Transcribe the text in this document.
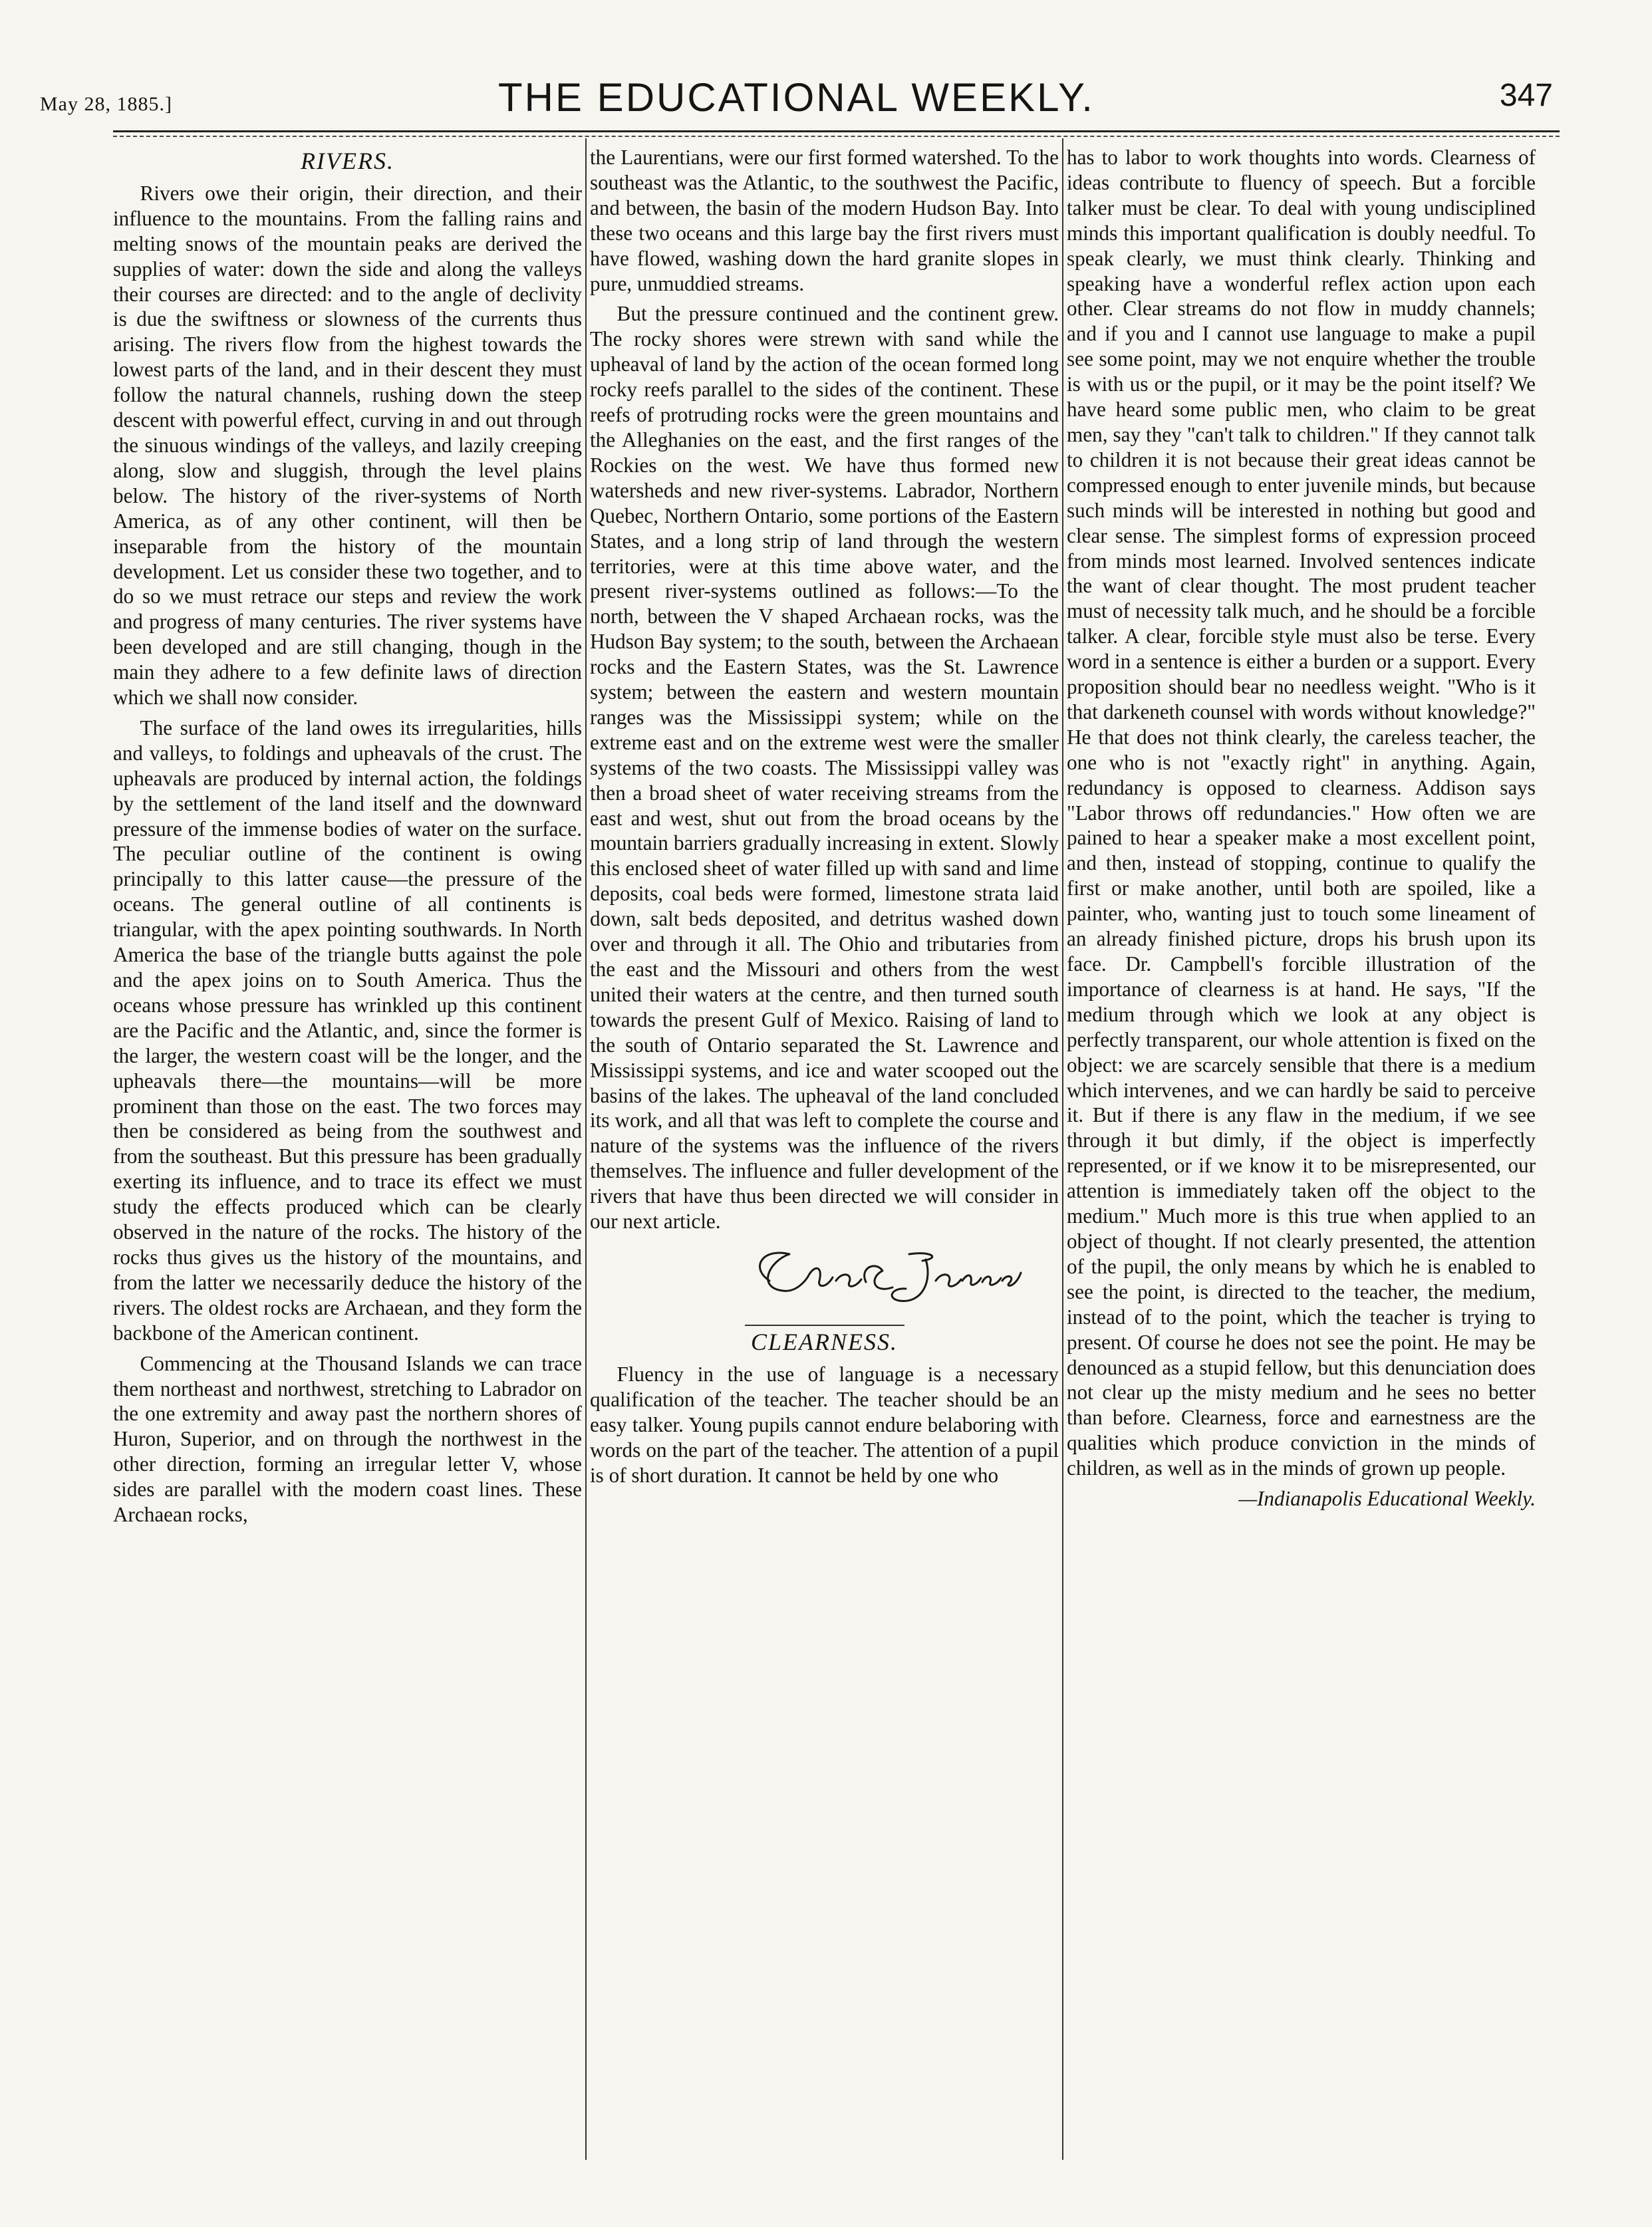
May 28, 1885.]	THE EDUCATIONAL WEEKLY.	347
RIVERS.

Rivers owe their origin, their direction, and their influence to the mountains. From the falling rains and melting snows of the mountain peaks are derived the supplies of water: down the side and along the valleys their courses are directed: and to the angle of declivity is due the swiftness or slowness of the currents thus arising. The rivers flow from the highest towards the lowest parts of the land, and in their descent they must follow the natural channels, rushing down the steep descent with powerful effect, curving in and out through the sinuous windings of the valleys, and lazily creeping along, slow and sluggish, through the level plains below. The history of the river-systems of North America, as of any other continent, will then be inseparable from the history of the mountain development. Let us consider these two together, and to do so we must retrace our steps and review the work and progress of many centuries. The river systems have been developed and are still changing, though in the main they adhere to a few definite laws of direction which we shall now consider.

The surface of the land owes its irregularities, hills and valleys, to foldings and upheavals of the crust. The upheavals are produced by internal action, the foldings by the settlement of the land itself and the downward pressure of the immense bodies of water on the surface. The peculiar outline of the continent is owing principally to this latter cause—the pressure of the oceans. The general outline of all continents is triangular, with the apex pointing southwards. In North America the base of the triangle butts against the pole and the apex joins on to South America. Thus the oceans whose pressure has wrinkled up this continent are the Pacific and the Atlantic, and, since the former is the larger, the western coast will be the longer, and the upheavals there—the mountains—will be more prominent than those on the east. The two forces may then be considered as being from the southwest and from the southeast. But this pressure has been gradually exerting its influence, and to trace its effect we must study the effects produced which can be clearly observed in the nature of the rocks. The history of the rocks thus gives us the history of the mountains, and from the latter we necessarily deduce the history of the rivers. The oldest rocks are Archaean, and they form the backbone of the American continent.

Commencing at the Thousand Islands we can trace them northeast and northwest, stretching to Labrador on the one extremity and away past the northern shores of Huron, Superior, and on through the northwest in the other direction, forming an irregular letter V, whose sides are parallel with the modern coast lines. These Archaean rocks,

the Laurentians, were our first formed watershed. To the southeast was the Atlantic, to the southwest the Pacific, and between, the basin of the modern Hudson Bay. Into these two oceans and this large bay the first rivers must have flowed, washing down the hard granite slopes in pure, unmuddied streams.

But the pressure continued and the continent grew. The rocky shores were strewn with sand while the upheaval of land by the action of the ocean formed long rocky reefs parallel to the sides of the continent. These reefs of protruding rocks were the green mountains and the Alleghanies on the east, and the first ranges of the Rockies on the west. We have thus formed new watersheds and new river-systems. Labrador, Northern Quebec, Northern Ontario, some portions of the Eastern States, and a long strip of land through the western territories, were at this time above water, and the present river-systems outlined as follows:—To the north, between the V shaped Archaean rocks, was the Hudson Bay system; to the south, between the Archaean rocks and the Eastern States, was the St. Lawrence system; between the eastern and western mountain ranges was the Mississippi system; while on the extreme east and on the extreme west were the smaller systems of the two coasts. The Mississippi valley was then a broad sheet of water receiving streams from the east and west, shut out from the broad oceans by the mountain barriers gradually increasing in extent. Slowly this enclosed sheet of water filled up with sand and lime deposits, coal beds were formed, limestone strata laid down, salt beds deposited, and detritus washed down over and through it all. The Ohio and tributaries from the east and the Missouri and others from the west united their waters at the centre, and then turned south towards the present Gulf of Mexico. Raising of land to the south of Ontario separated the St. Lawrence and Mississippi systems, and ice and water scooped out the basins of the lakes. The upheaval of the land concluded its work, and all that was left to complete the course and nature of the systems was the influence of the rivers themselves. The influence and fuller development of the rivers that have thus been directed we will consider in our next article.

CLEARNESS.

Fluency in the use of language is a necessary qualification of the teacher. The teacher should be an easy talker. Young pupils cannot endure belaboring with words on the part of the teacher. The attention of a pupil is of short duration. It cannot be held by one who

has to labor to work thoughts into words. Clearness of ideas contribute to fluency of speech. But a forcible talker must be clear. To deal with young undisciplined minds this important qualification is doubly needful. To speak clearly, we must think clearly. Thinking and speaking have a wonderful reflex action upon each other. Clear streams do not flow in muddy channels; and if you and I cannot use language to make a pupil see some point, may we not enquire whether the trouble is with us or the pupil, or it may be the point itself? We have heard some public men, who claim to be great men, say they "can't talk to children." If they cannot talk to children it is not because their great ideas cannot be compressed enough to enter juvenile minds, but because such minds will be interested in nothing but good and clear sense. The simplest forms of expression proceed from minds most learned. Involved sentences indicate the want of clear thought. The most prudent teacher must of necessity talk much, and he should be a forcible talker. A clear, forcible style must also be terse. Every word in a sentence is either a burden or a support. Every proposition should bear no needless weight. "Who is it that darkeneth counsel with words without knowledge?" He that does not think clearly, the careless teacher, the one who is not "exactly right" in anything. Again, redundancy is opposed to clearness. Addison says "Labor throws off redundancies." How often we are pained to hear a speaker make a most excellent point, and then, instead of stopping, continue to qualify the first or make another, until both are spoiled, like a painter, who, wanting just to touch some lineament of an already finished picture, drops his brush upon its face. Dr. Campbell's forcible illustration of the importance of clearness is at hand. He says, "If the medium through which we look at any object is perfectly transparent, our whole attention is fixed on the object: we are scarcely sensible that there is a medium which intervenes, and we can hardly be said to perceive it. But if there is any flaw in the medium, if we see through it but dimly, if the object is imperfectly represented, or if we know it to be misrepresented, our attention is immediately taken off the object to the medium." Much more is this true when applied to an object of thought. If not clearly presented, the attention of the pupil, the only means by which he is enabled to see the point, is directed to the teacher, the medium, instead of to the point, which the teacher is trying to present. Of course he does not see the point. He may be denounced as a stupid fellow, but this denunciation does not clear up the misty medium and he sees no better than before. Clearness, force and earnestness are the qualities which produce conviction in the minds of children, as well as in the minds of grown up people.

—Indianapolis Educational Weekly.
